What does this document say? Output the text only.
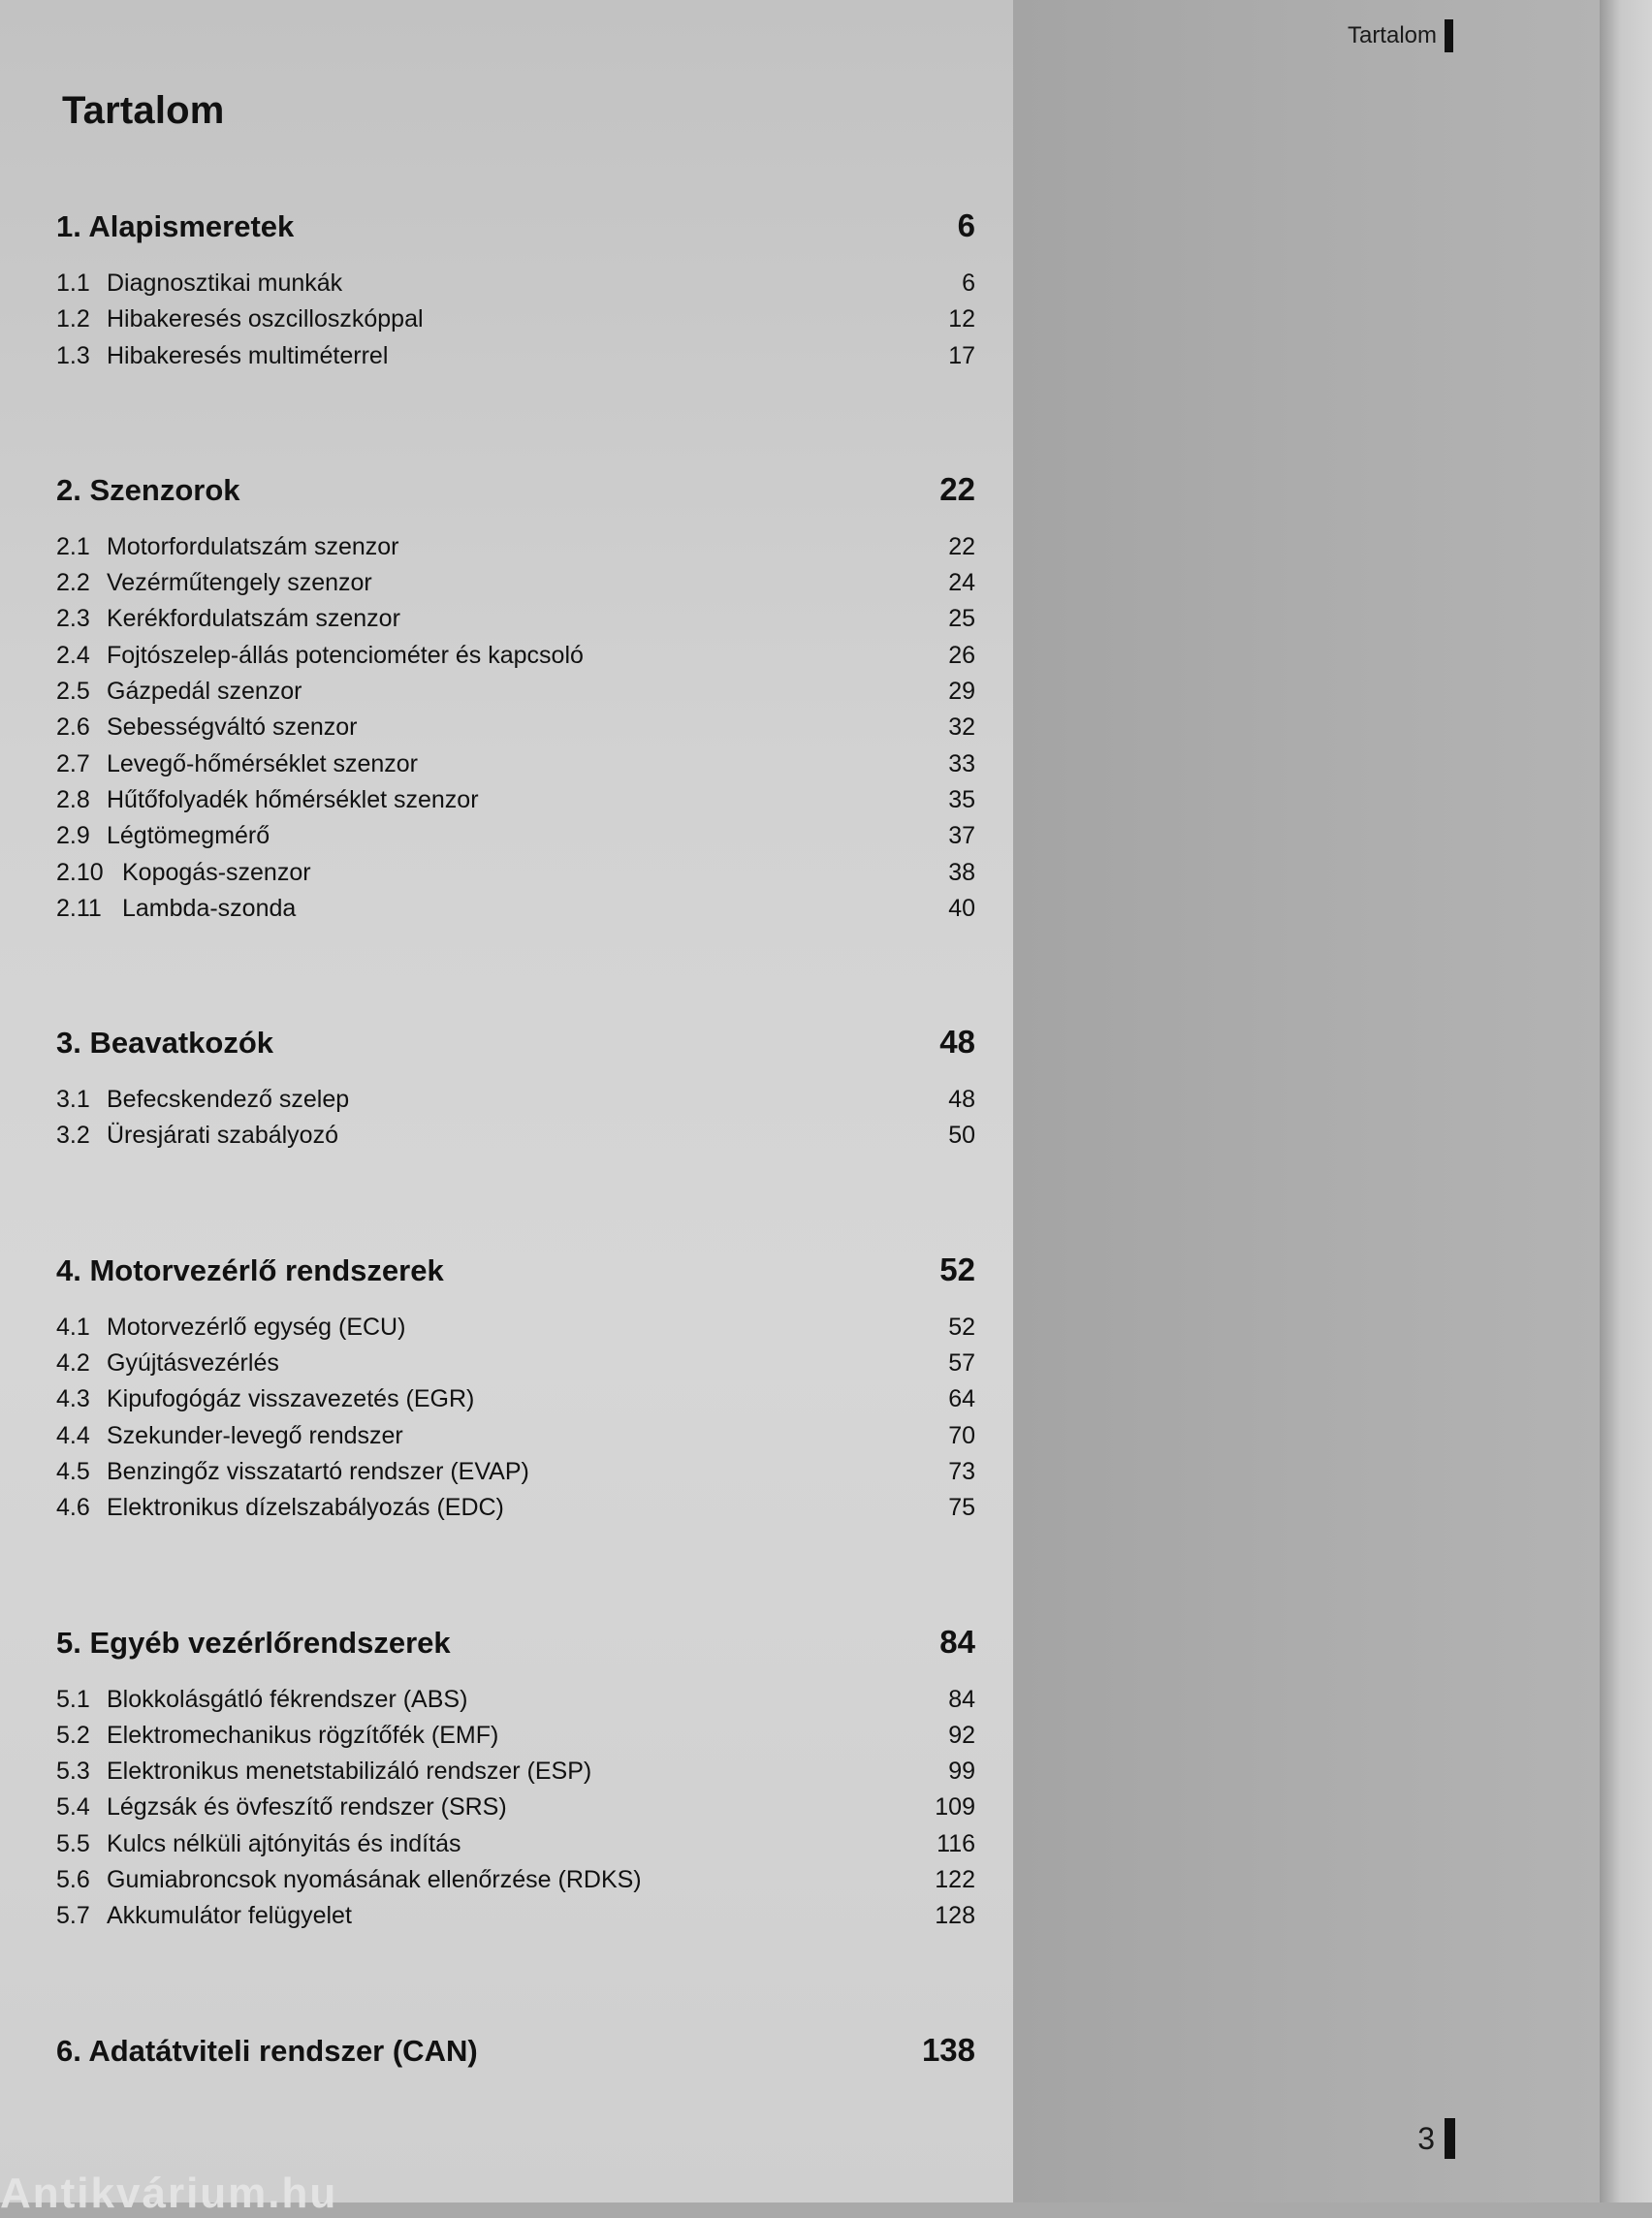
Tartalom
Tartalom
1. Alapismeretek	6
1.1 Diagnosztikai munkák	6
1.2 Hibakeresés oszcilloszkóppal	12
1.3 Hibakeresés multiméterrel	17
2. Szenzorok	22
2.1 Motorfordulatszám szenzor	22
2.2 Vezérműtengely szenzor	24
2.3 Kerékfordulatszám szenzor	25
2.4 Fojtószelep-állás potenciométer és kapcsoló	26
2.5 Gázpedál szenzor	29
2.6 Sebességváltó szenzor	32
2.7 Levegő-hőmérséklet szenzor	33
2.8 Hűtőfolyadék hőmérséklet szenzor	35
2.9 Légtömegmérő	37
2.10 Kopogás-szenzor	38
2.11 Lambda-szonda	40
3. Beavatkozók	48
3.1 Befecskendező szelep	48
3.2 Üresjárati szabályozó	50
4. Motorvezérlő rendszerek	52
4.1 Motorvezérlő egység (ECU)	52
4.2 Gyújtásvezérlés	57
4.3 Kipufogógáz visszavezetés (EGR)	64
4.4 Szekunder-levegő rendszer	70
4.5 Benzingőz visszatartó rendszer (EVAP)	73
4.6 Elektronikus dízelszabályozás (EDC)	75
5. Egyéb vezérlőrendszerek	84
5.1 Blokkolásgátló fékrendszer (ABS)	84
5.2 Elektromechanikus rögzítőfék (EMF)	92
5.3 Elektronikus menetstabilizáló rendszer (ESP)	99
5.4 Légzsák és övfeszítő rendszer (SRS)	109
5.5 Kulcs nélküli ajtónyitás és indítás	116
5.6 Gumiabroncsok nyomásának ellenőrzése (RDKS)	122
5.7 Akkumulátor felügyelet	128
6. Adatátviteli rendszer (CAN)	138
3
Antikvárium.hu
